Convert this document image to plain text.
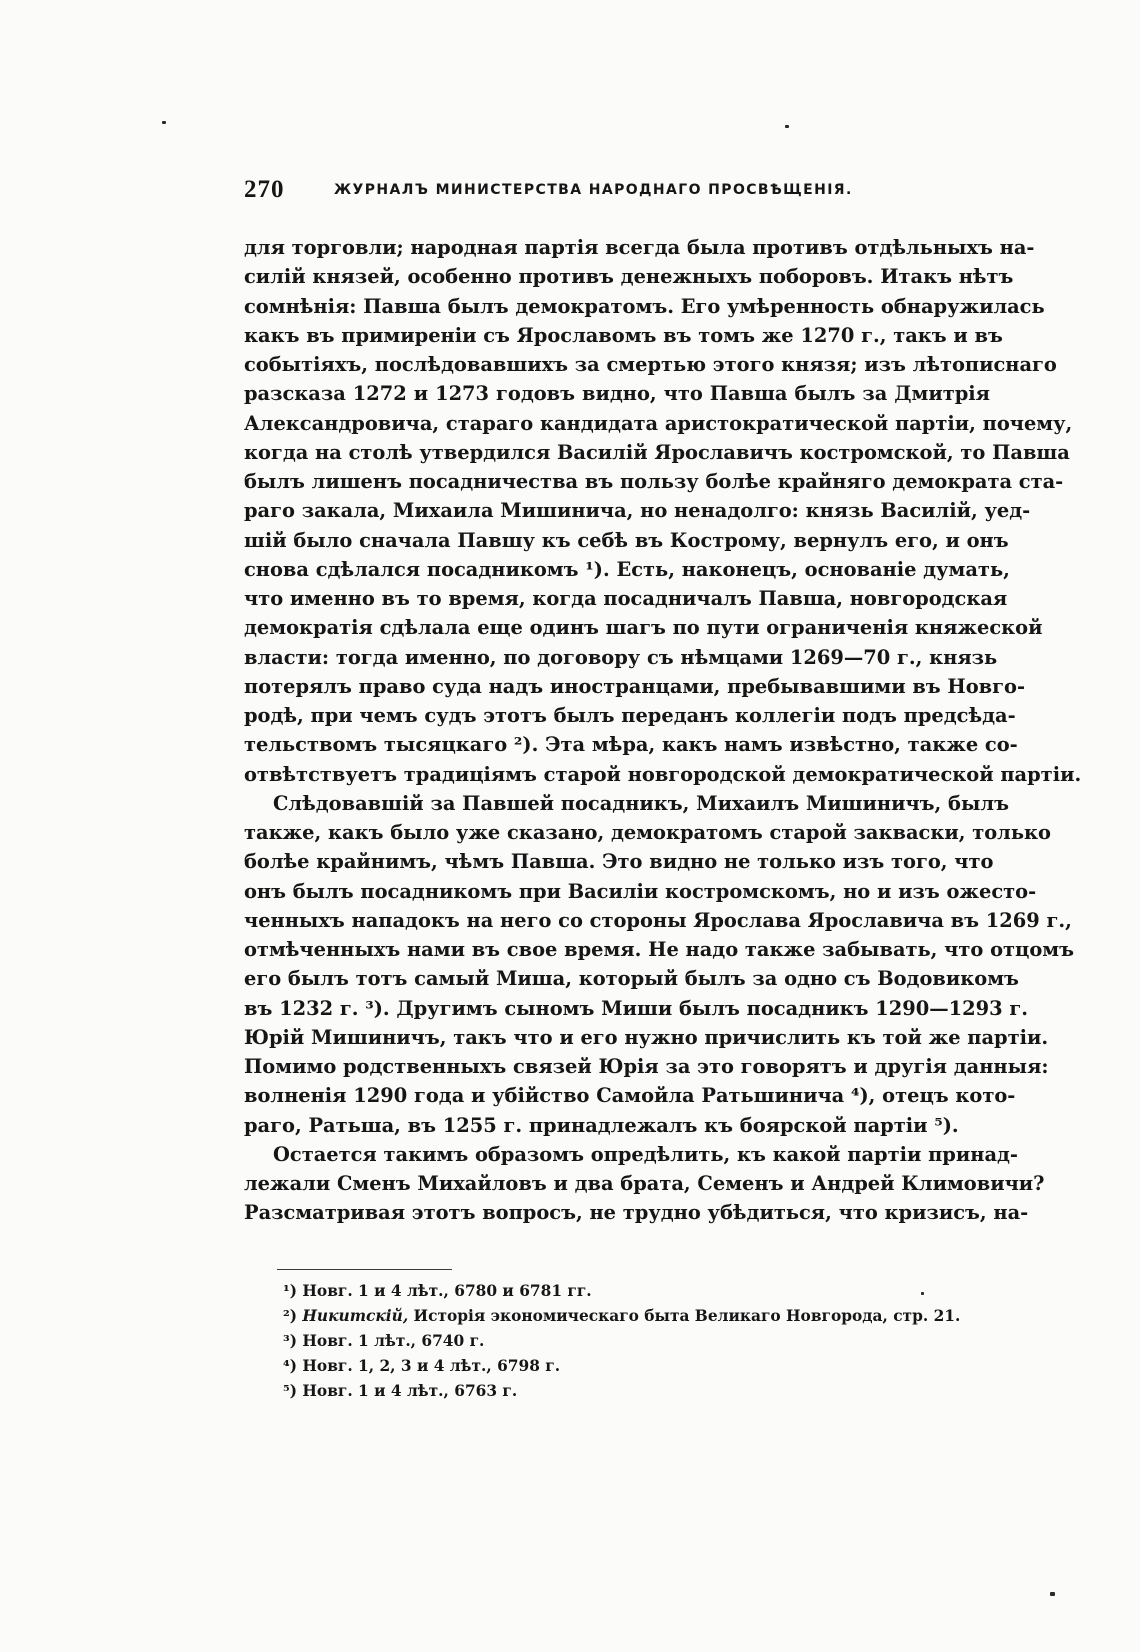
270	ЖУРНАЛЪ МИНИСТЕРСТВА НАРОДНАГО ПРОСВѢЩЕНІЯ.
для торговли; народная партія всегда была противъ отдѣльныхъ на-
силій князей, особенно противъ денежныхъ поборовъ. Итакъ нѣтъ
сомнѣнія: Павша былъ демократомъ. Его умѣренность обнаружилась
какъ въ примиреніи съ Ярославомъ въ томъ же 1270 г., такъ и въ
событіяхъ, послѣдовавшихъ за смертью этого князя; изъ лѣтописнаго
разсказа 1272 и 1273 годовъ видно, что Павша былъ за Дмитрія
Александровича, стараго кандидата аристократической партіи, почему,
когда на столѣ утвердился Василій Ярославичъ костромской, то Павша
былъ лишенъ посадничества въ пользу болѣе крайняго демократа ста-
раго закала, Михаила Мишинича, но ненадолго: князь Василій, уед-
шій было сначала Павшу къ себѣ въ Кострому, вернулъ его, и онъ
снова сдѣлался посадникомъ ¹). Есть, наконецъ, основаніе думать,
что именно въ то время, когда посадничалъ Павша, новгородская
демократія сдѣлала еще одинъ шагъ по пути ограниченія княжеской
власти: тогда именно, по договору съ нѣмцами 1269—70 г., князь
потерялъ право суда надъ иностранцами, пребывавшими въ Новго-
родѣ, при чемъ судъ этотъ былъ переданъ коллегіи подъ предсѣда-
тельствомъ тысяцкаго ²). Эта мѣра, какъ намъ извѣстно, также со-
отвѣтствуетъ традиціямъ старой новгородской демократической партіи.
Слѣдовавшій за Павшей посадникъ, Михаилъ Мишиничъ, былъ
также, какъ было уже сказано, демократомъ старой закваски, только
болѣе крайнимъ, чѣмъ Павша. Это видно не только изъ того, что
онъ былъ посадникомъ при Василіи костромскомъ, но и изъ ожесто-
ченныхъ нападокъ на него со стороны Ярослава Ярославича въ 1269 г.,
отмѣченныхъ нами въ свое время. Не надо также забывать, что отцомъ
его былъ тотъ самый Миша, который былъ за одно съ Водовикомъ
въ 1232 г. ³). Другимъ сыномъ Миши былъ посадникъ 1290—1293 г.
Юрій Мишиничъ, такъ что и его нужно причислить къ той же партіи.
Помимо родственныхъ связей Юрія за это говорятъ и другія данныя:
волненія 1290 года и убійство Самойла Ратьшинича ⁴), отецъ кото-
раго, Ратьша, въ 1255 г. принадлежалъ къ боярской партіи ⁵).
Остается такимъ образомъ опредѣлить, къ какой партіи принад-
лежали Сменъ Михайловъ и два брата, Семенъ и Андрей Климовичи?
Разсматривая этотъ вопросъ, не трудно убѣдиться, что кризисъ, на-
¹) Новг. 1 и 4 лѣт., 6780 и 6781 гг.
²) Никитскій, Исторія экономическаго быта Великаго Новгорода, стр. 21.
³) Новг. 1 лѣт., 6740 г.
⁴) Новг. 1, 2, 3 и 4 лѣт., 6798 г.
⁵) Новг. 1 и 4 лѣт., 6763 г.
